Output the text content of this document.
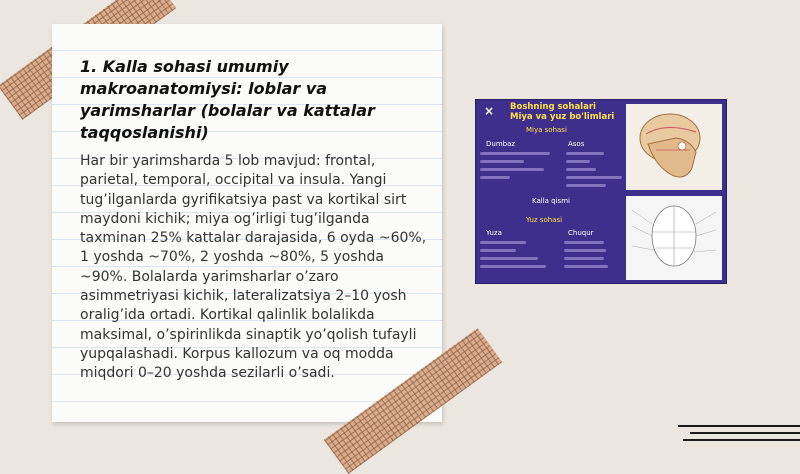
1. Kalla sohasi umumiy makroanatomiysi: loblar va yarimsharlar (bolalar va kattalar taqqoslanishi)

Har bir yarimsharda 5 lob mavjud: frontal, parietal, temporal, occipital va insula. Yangi tug’ilganlarda gyrifikatsiya past va kortikal sirt maydoni kichik; miya og’irligi tug’ilganda taxminan 25% kattalar darajasida, 6 oyda ~60%, 1 yoshda ~70%, 2 yoshda ~80%, 5 yoshda ~90%. Bolalarda yarimsharlar o’zaro asimmetriyasi kichik, lateralizatsiya 2–10 yosh oralig’ida ortadi. Kortikal qalinlik bolalikda maksimal, o’spirinlikda sinaptik yo’qolish tufayli yupqalashadi. Korpus kallozum va oq modda miqdori 0–20 yoshda sezilarli o’sadi.

× Boshning sohalari
Miya va yuz bo'limlari
Miya sohasi
Dumbaz	Asos
Kalla qismi
Yuz sohasi
Yuza	Chuqur
